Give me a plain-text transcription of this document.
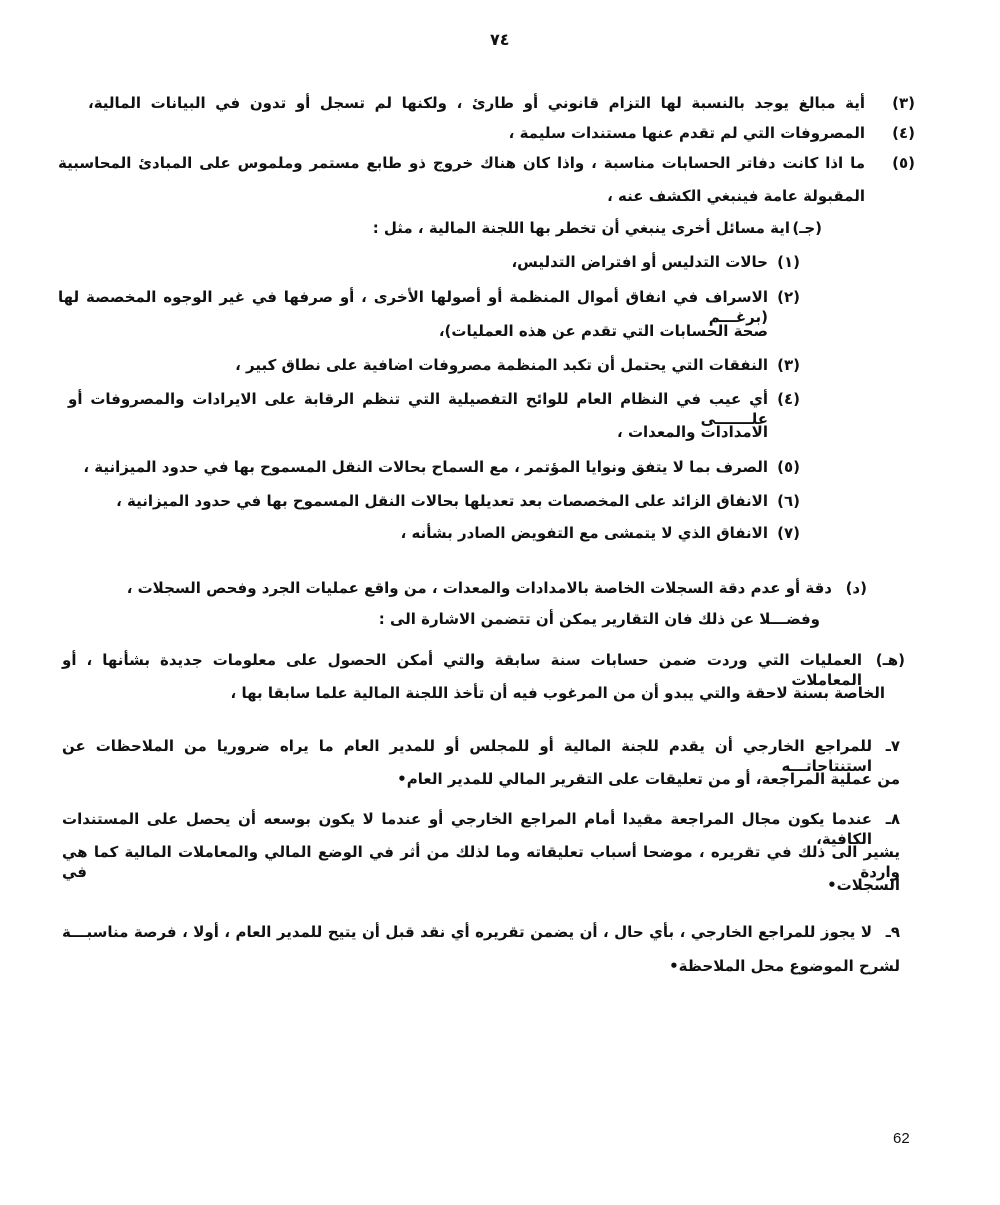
٧٤
(٣)
أية مبالغ يوجد بالنسبة لها التزام قانوني أو طارئ ، ولكنها لم تسجل أو تدون في البيانات المالية،
(٤)
المصروفات التي لم تقدم عنها مستندات سليمة ،
(٥)
ما اذا كانت دفاتر الحسابات مناسبة ، واذا كان هناك خروج ذو طابع مستمر وملموس على المبادئ المحاسبية
المقبولة عامة فينبغي الكشف عنه ،
(جـ)
اية مسائل أخرى ينبغي أن تخطر بها اللجنة المالية ، مثل :
(١)
حالات التدليس أو افتراض التدليس،
(٢)
الاسراف في انفاق أموال المنظمة أو أصولها الأخرى ، أو صرفها في غير الوجوه المخصصة لها (برغـــم
صحة الحسابات التي تقدم عن هذه العمليات)،
(٣)
النفقات التي يحتمل أن تكبد المنظمة مصروفات اضافية على نطاق كبير ،
(٤)
أي عيب في النظام العام للوائح التفصيلية التي تنظم الرقابة على الايرادات والمصروفات أو علـــــــى
الامدادات والمعدات ،
(٥)
الصرف بما لا يتفق ونوايا المؤتمر ، مع السماح بحالات النقل المسموح بها في حدود الميزانية ،
(٦)
الانفاق الزائد على المخصصات بعد تعديلها بحالات النقل المسموح بها في حدود الميزانية ،
(٧)
الانفاق الذي لا يتمشى مع التفويض الصادر بشأنه ،
(د)
دقة أو عدم دقة السجلات الخاصة بالامدادات والمعدات ، من واقع عمليات الجرد وفحص السجلات ،
وفضـــلا عن ذلك فان التقارير يمكن أن تتضمن الاشارة الى :
(هـ)
العمليات التي وردت ضمن حسابات سنة سابقة والتي أمكن الحصول على معلومات جديدة بشأنها ، أو المعاملات
الخاصة بسنة لاحقة والتي يبدو أن من المرغوب فيه أن تأخذ اللجنة المالية علما سابقا بها ،
٧ـ
للمراجع الخارجي أن يقدم للجنة المالية أو للمجلس أو للمدير العام ما يراه ضروريا من الملاحظات عن استنتاجاتـــه
من عملية المراجعة، أو من تعليقات على التقرير المالي للمدير العام•
٨ـ
عندما يكون مجال المراجعة مقيدا أمام المراجع الخارجي أو عندما لا يكون بوسعه أن يحصل على المستندات الكافية،
يشير الى ذلك في تقريره ، موضحا أسباب تعليقاته وما لذلك من أثر في الوضع المالي والمعاملات المالية كما هي واردة في
السجلات•
٩ـ
لا يجوز للمراجع الخارجي ، بأي حال ، أن يضمن تقريره أي نقد قبل أن يتيح للمدير العام ، أولا ، فرصة مناسبـــة
لشرح الموضوع محل الملاحظة•
62
